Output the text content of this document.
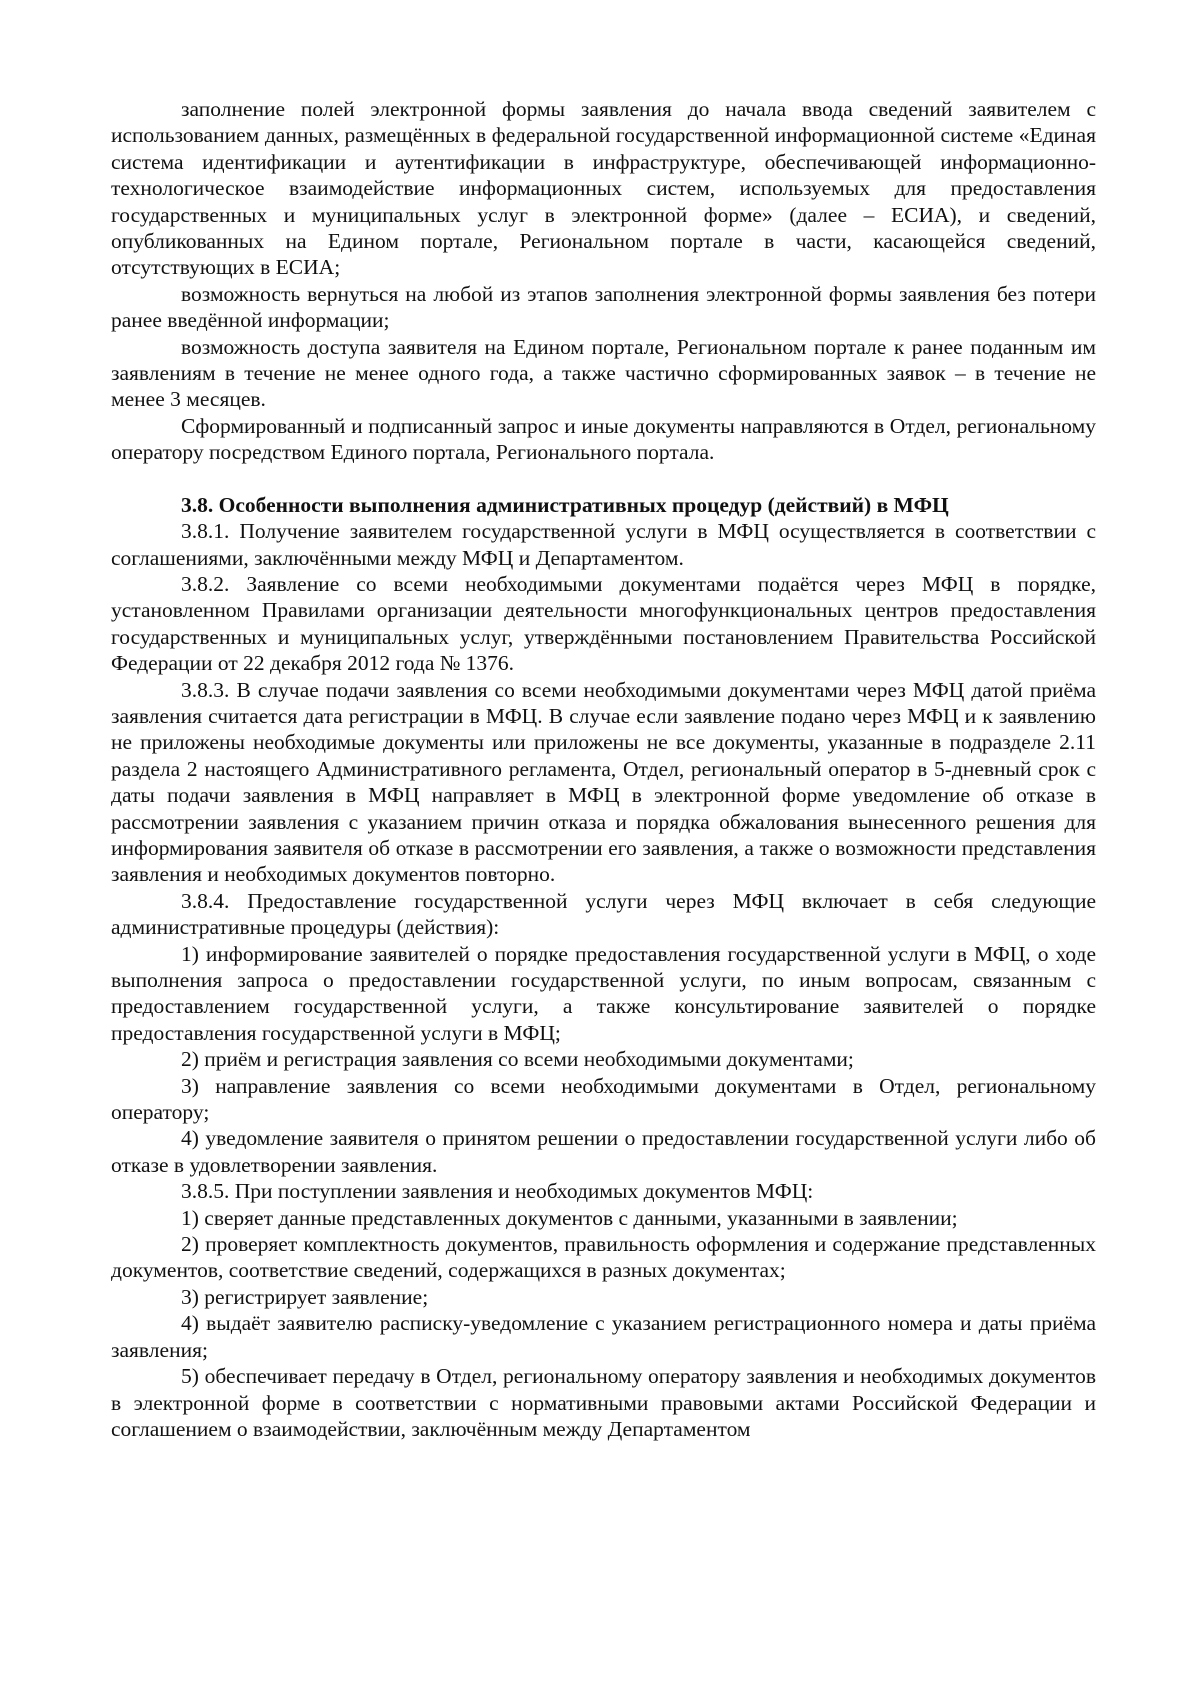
заполнение полей электронной формы заявления до начала ввода сведений заявителем с использованием данных, размещённых в федеральной государственной информационной системе «Единая система идентификации и аутентификации в инфраструктуре, обеспечивающей информационно-технологическое взаимодействие информационных систем, используемых для предоставления государственных и муниципальных услуг в электронной форме» (далее – ЕСИА), и сведений, опубликованных на Едином портале, Региональном портале в части, касающейся сведений, отсутствующих в ЕСИА;

возможность вернуться на любой из этапов заполнения электронной формы заявления без потери ранее введённой информации;

возможность доступа заявителя на Едином портале, Региональном портале к ранее поданным им заявлениям в течение не менее одного года, а также частично сформированных заявок – в течение не менее 3 месяцев.

Сформированный и подписанный запрос и иные документы направляются в Отдел, региональному оператору посредством Единого портала, Регионального портала.

3.8. Особенности выполнения административных процедур (действий) в МФЦ

3.8.1. Получение заявителем государственной услуги в МФЦ осуществляется в соответствии с соглашениями, заключёнными между МФЦ и Департаментом.

3.8.2. Заявление со всеми необходимыми документами подаётся через МФЦ в порядке, установленном Правилами организации деятельности многофункциональных центров предоставления государственных и муниципальных услуг, утверждёнными постановлением Правительства Российской Федерации от 22 декабря 2012 года № 1376.

3.8.3. В случае подачи заявления со всеми необходимыми документами через МФЦ датой приёма заявления считается дата регистрации в МФЦ. В случае если заявление подано через МФЦ и к заявлению не приложены необходимые документы или приложены не все документы, указанные в подразделе 2.11 раздела 2 настоящего Административного регламента, Отдел, региональный оператор в 5-дневный срок с даты подачи заявления в МФЦ направляет в МФЦ в электронной форме уведомление об отказе в рассмотрении заявления с указанием причин отказа и порядка обжалования вынесенного решения для информирования заявителя об отказе в рассмотрении его заявления, а также о возможности представления заявления и необходимых документов повторно.

3.8.4. Предоставление государственной услуги через МФЦ включает в себя следующие административные процедуры (действия):

1) информирование заявителей о порядке предоставления государственной услуги в МФЦ, о ходе выполнения запроса о предоставлении государственной услуги, по иным вопросам, связанным с предоставлением государственной услуги, а также консультирование заявителей о порядке предоставления государственной услуги в МФЦ;

2) приём и регистрация заявления со всеми необходимыми документами;

3) направление заявления со всеми необходимыми документами в Отдел, региональному оператору;

4) уведомление заявителя о принятом решении о предоставлении государственной услуги либо об отказе в удовлетворении заявления.

3.8.5. При поступлении заявления и необходимых документов МФЦ:

1) сверяет данные представленных документов с данными, указанными в заявлении;

2) проверяет комплектность документов, правильность оформления и содержание представленных документов, соответствие сведений, содержащихся в разных документах;

3) регистрирует заявление;

4) выдаёт заявителю расписку-уведомление с указанием регистрационного номера и даты приёма заявления;

5) обеспечивает передачу в Отдел, региональному оператору заявления и необходимых документов в электронной форме в соответствии с нормативными правовыми актами Российской Федерации и соглашением о взаимодействии, заключённым между Департаментом
